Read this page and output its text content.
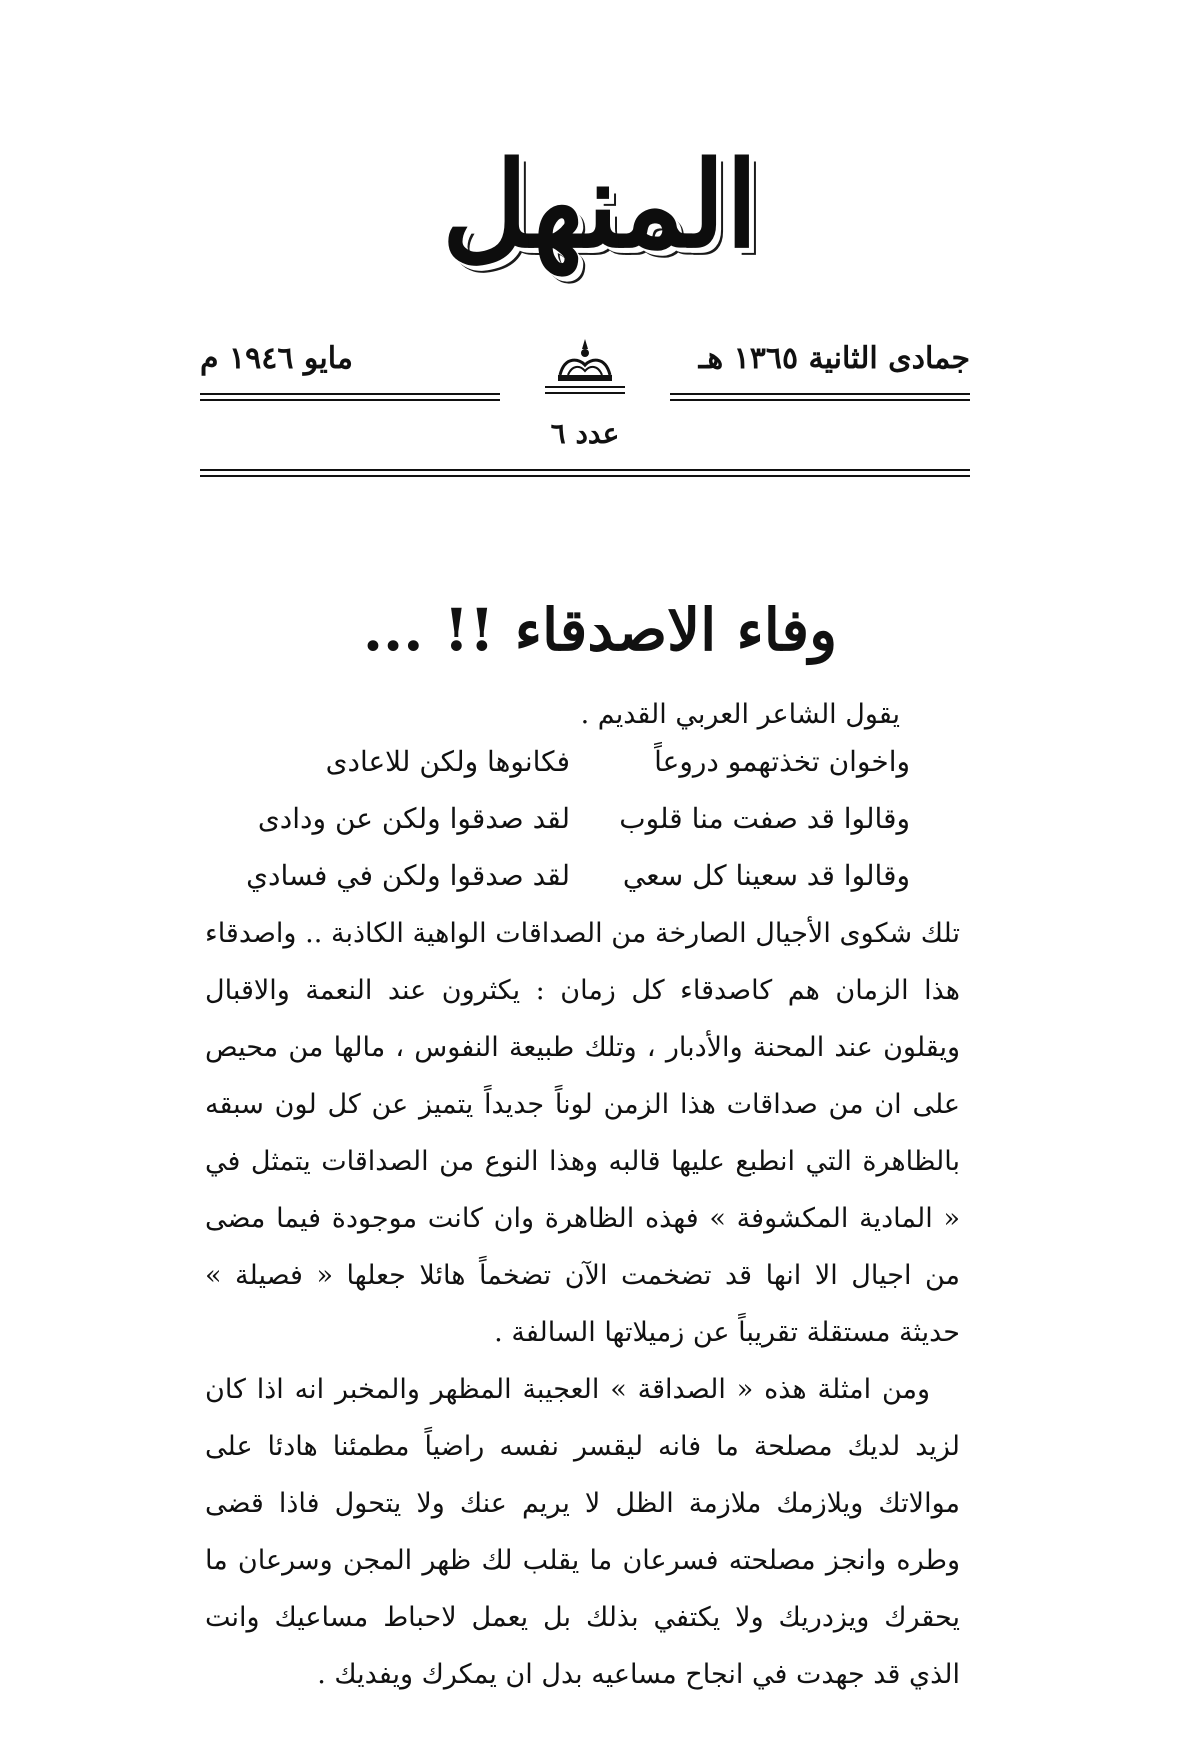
المنهل
جمادى الثانية ١٣٦٥ هـ
مايو ١٩٤٦ م
عدد ٦
وفاء الاصدقاء !! ...
يقول الشاعر العربي القديم .
واخوان تخذتهمو دروعاً
فكانوها ولكن للاعادى
وقالوا قد صفت منا قلوب
لقد صدقوا ولكن عن ودادى
وقالوا قد سعينا كل سعي
لقد صدقوا ولكن في فسادي

تلك شكوى الأجيال الصارخة من الصداقات الواهية الكاذبة .. واصدقاء هذا الزمان هم كاصدقاء كل زمان : يكثرون عند النعمة والاقبال ويقلون عند المحنة والأدبار ، وتلك طبيعة النفوس ، مالها من محيص على ان من صداقات هذا الزمن لوناً جديداً يتميز عن كل لون سبقه بالظاهرة التي انطبع عليها قالبه وهذا النوع من الصداقات يتمثل في « المادية المكشوفة » فهذه الظاهرة وان كانت موجودة فيما مضى من اجيال الا انها قد تضخمت الآن تضخماً هائلا جعلها « فصيلة » حديثة مستقلة تقريباً عن زميلاتها السالفة .

ومن امثلة هذه « الصداقة » العجيبة المظهر والمخبر انه اذا كان لزيد لديك مصلحة ما فانه ليقسر نفسه راضياً مطمئنا هادئا على موالاتك ويلازمك ملازمة الظل لا يريم عنك ولا يتحول فاذا قضى وطره وانجز مصلحته فسرعان ما يقلب لك ظهر المجن وسرعان ما يحقرك ويزدريك ولا يكتفي بذلك بل يعمل لاحباط مساعيك وانت الذي قد جهدت في انجاح مساعيه بدل ان يمكرك ويفديك .
